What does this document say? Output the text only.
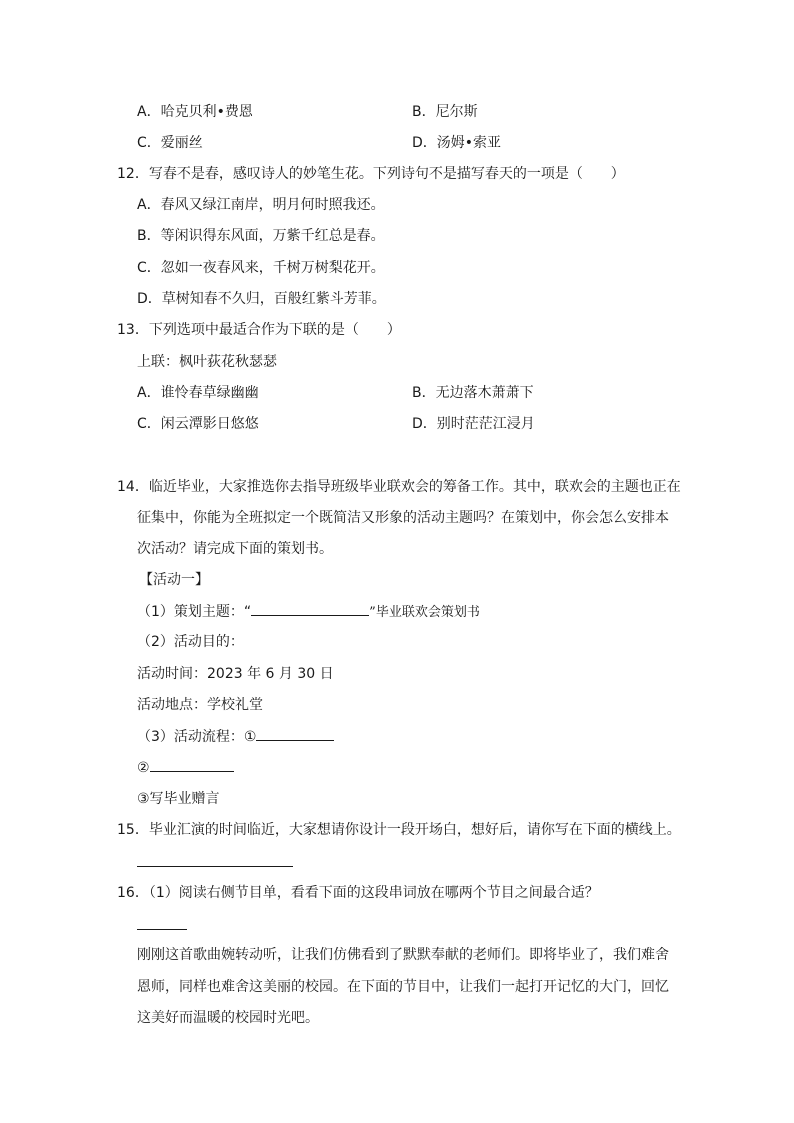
A．哈克贝利•费恩	B．尼尔斯
C．爱丽丝	D．汤姆•索亚
12．写春不是春，感叹诗人的妙笔生花。下列诗句不是描写春天的一项是（　　）
A．春风又绿江南岸，明月何时照我还。
B．等闲识得东风面，万紫千红总是春。
C．忽如一夜春风来，千树万树梨花开。
D．草树知春不久归，百般红紫斗芳菲。
13．下列选项中最适合作为下联的是（　　）
上联：枫叶荻花秋瑟瑟
A．谁怜春草绿幽幽	B．无边落木萧萧下
C．闲云潭影日悠悠	D．别时茫茫江浸月
14．临近毕业，大家推选你去指导班级毕业联欢会的筹备工作。其中，联欢会的主题也正在
征集中，你能为全班拟定一个既简洁又形象的活动主题吗？在策划中，你会怎么安排本
次活动？请完成下面的策划书。
【活动一】
（1）策划主题：“	”毕业联欢会策划书
（2）活动目的：
活动时间：2023 年 6 月 30 日
活动地点：学校礼堂
（3）活动流程：①
②
③写毕业赠言
15．毕业汇演的时间临近，大家想请你设计一段开场白，想好后，请你写在下面的横线上。
16．（1）阅读右侧节目单，看看下面的这段串词放在哪两个节目之间最合适？
刚刚这首歌曲婉转动听，让我们仿佛看到了默默奉献的老师们。即将毕业了，我们难舍
恩师，同样也难舍这美丽的校园。在下面的节目中，让我们一起打开记忆的大门，回忆
这美好而温暖的校园时光吧。
